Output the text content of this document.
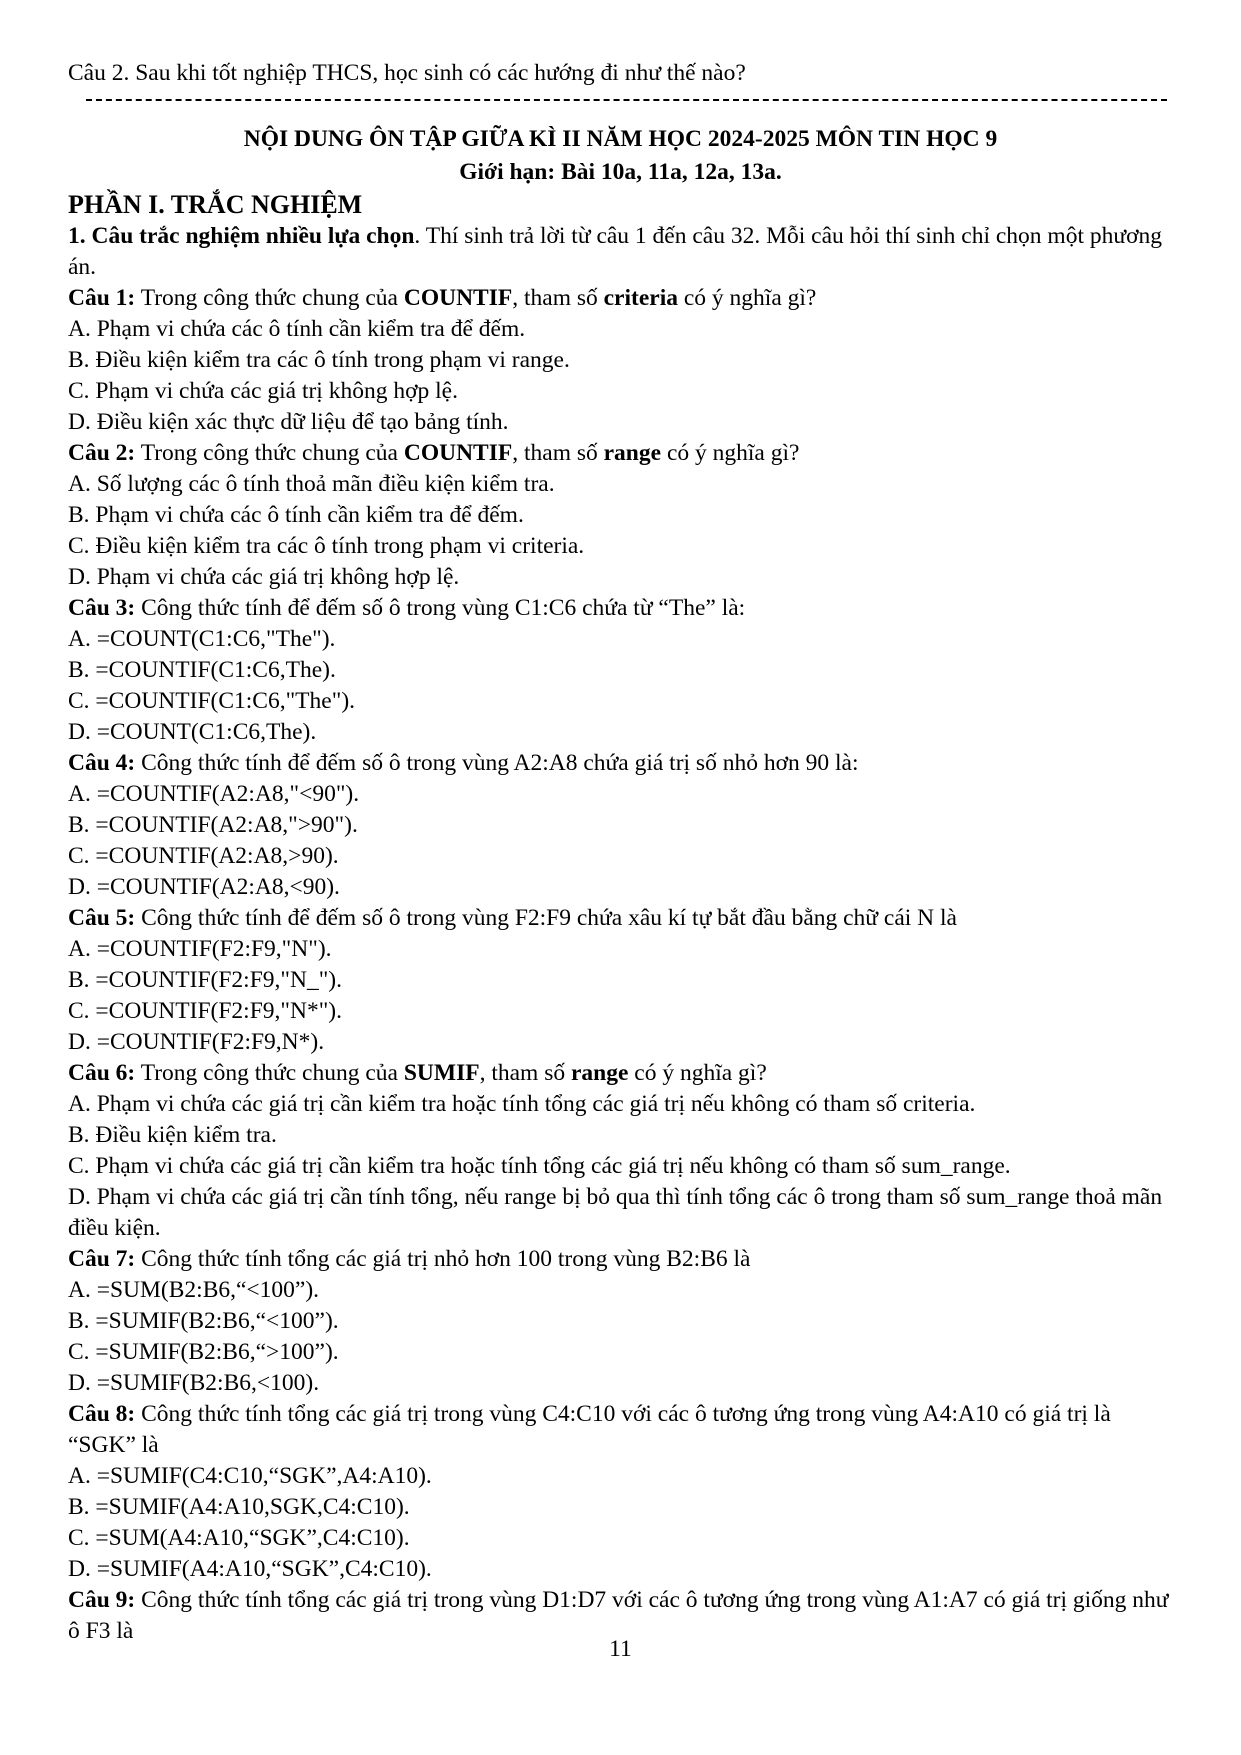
Câu 2. Sau khi tốt nghiệp THCS, học sinh có các hướng đi như thế nào?
NỘI DUNG ÔN TẬP GIỮA KÌ II NĂM HỌC 2024-2025 MÔN TIN HỌC 9
Giới hạn: Bài 10a, 11a, 12a, 13a.
PHẦN I. TRẮC NGHIỆM
1. Câu trắc nghiệm nhiều lựa chọn. Thí sinh trả lời từ câu 1 đến câu 32. Mỗi câu hỏi thí sinh chỉ chọn một phương án.
Câu 1: Trong công thức chung của COUNTIF, tham số criteria có ý nghĩa gì?
A. Phạm vi chứa các ô tính cần kiểm tra để đếm.
B. Điều kiện kiểm tra các ô tính trong phạm vi range.
C. Phạm vi chứa các giá trị không hợp lệ.
D. Điều kiện xác thực dữ liệu để tạo bảng tính.
Câu 2: Trong công thức chung của COUNTIF, tham số range có ý nghĩa gì?
A. Số lượng các ô tính thoả mãn điều kiện kiểm tra.
B. Phạm vi chứa các ô tính cần kiểm tra để đếm.
C. Điều kiện kiểm tra các ô tính trong phạm vi criteria.
D. Phạm vi chứa các giá trị không hợp lệ.
Câu 3: Công thức tính để đếm số ô trong vùng C1:C6 chứa từ “The” là:
A. =COUNT(C1:C6,"The").
B. =COUNTIF(C1:C6,The).
C. =COUNTIF(C1:C6,"The").
D. =COUNT(C1:C6,The).
Câu 4: Công thức tính để đếm số ô trong vùng A2:A8 chứa giá trị số nhỏ hơn 90 là:
A. =COUNTIF(A2:A8,"<90").
B. =COUNTIF(A2:A8,">90").
C. =COUNTIF(A2:A8,>90).
D. =COUNTIF(A2:A8,<90).
Câu 5: Công thức tính để đếm số ô trong vùng F2:F9 chứa xâu kí tự bắt đầu bằng chữ cái N là
A. =COUNTIF(F2:F9,"N").
B. =COUNTIF(F2:F9,"N_").
C. =COUNTIF(F2:F9,"N*").
D. =COUNTIF(F2:F9,N*).
Câu 6: Trong công thức chung của SUMIF, tham số range có ý nghĩa gì?
A. Phạm vi chứa các giá trị cần kiểm tra hoặc tính tổng các giá trị nếu không có tham số criteria.
B. Điều kiện kiểm tra.
C. Phạm vi chứa các giá trị cần kiểm tra hoặc tính tổng các giá trị nếu không có tham số sum_range.
D. Phạm vi chứa các giá trị cần tính tổng, nếu range bị bỏ qua thì tính tổng các ô trong tham số sum_range thoả mãn điều kiện.
Câu 7: Công thức tính tổng các giá trị nhỏ hơn 100 trong vùng B2:B6 là
A. =SUM(B2:B6,“<100”).
B. =SUMIF(B2:B6,“<100”).
C. =SUMIF(B2:B6,“>100”).
D. =SUMIF(B2:B6,<100).
Câu 8: Công thức tính tổng các giá trị trong vùng C4:C10 với các ô tương ứng trong vùng A4:A10 có giá trị là “SGK” là
A. =SUMIF(C4:C10,“SGK”,A4:A10).
B. =SUMIF(A4:A10,SGK,C4:C10).
C. =SUM(A4:A10,“SGK”,C4:C10).
D. =SUMIF(A4:A10,“SGK”,C4:C10).
Câu 9: Công thức tính tổng các giá trị trong vùng D1:D7 với các ô tương ứng trong vùng A1:A7 có giá trị giống như ô F3 là
11
